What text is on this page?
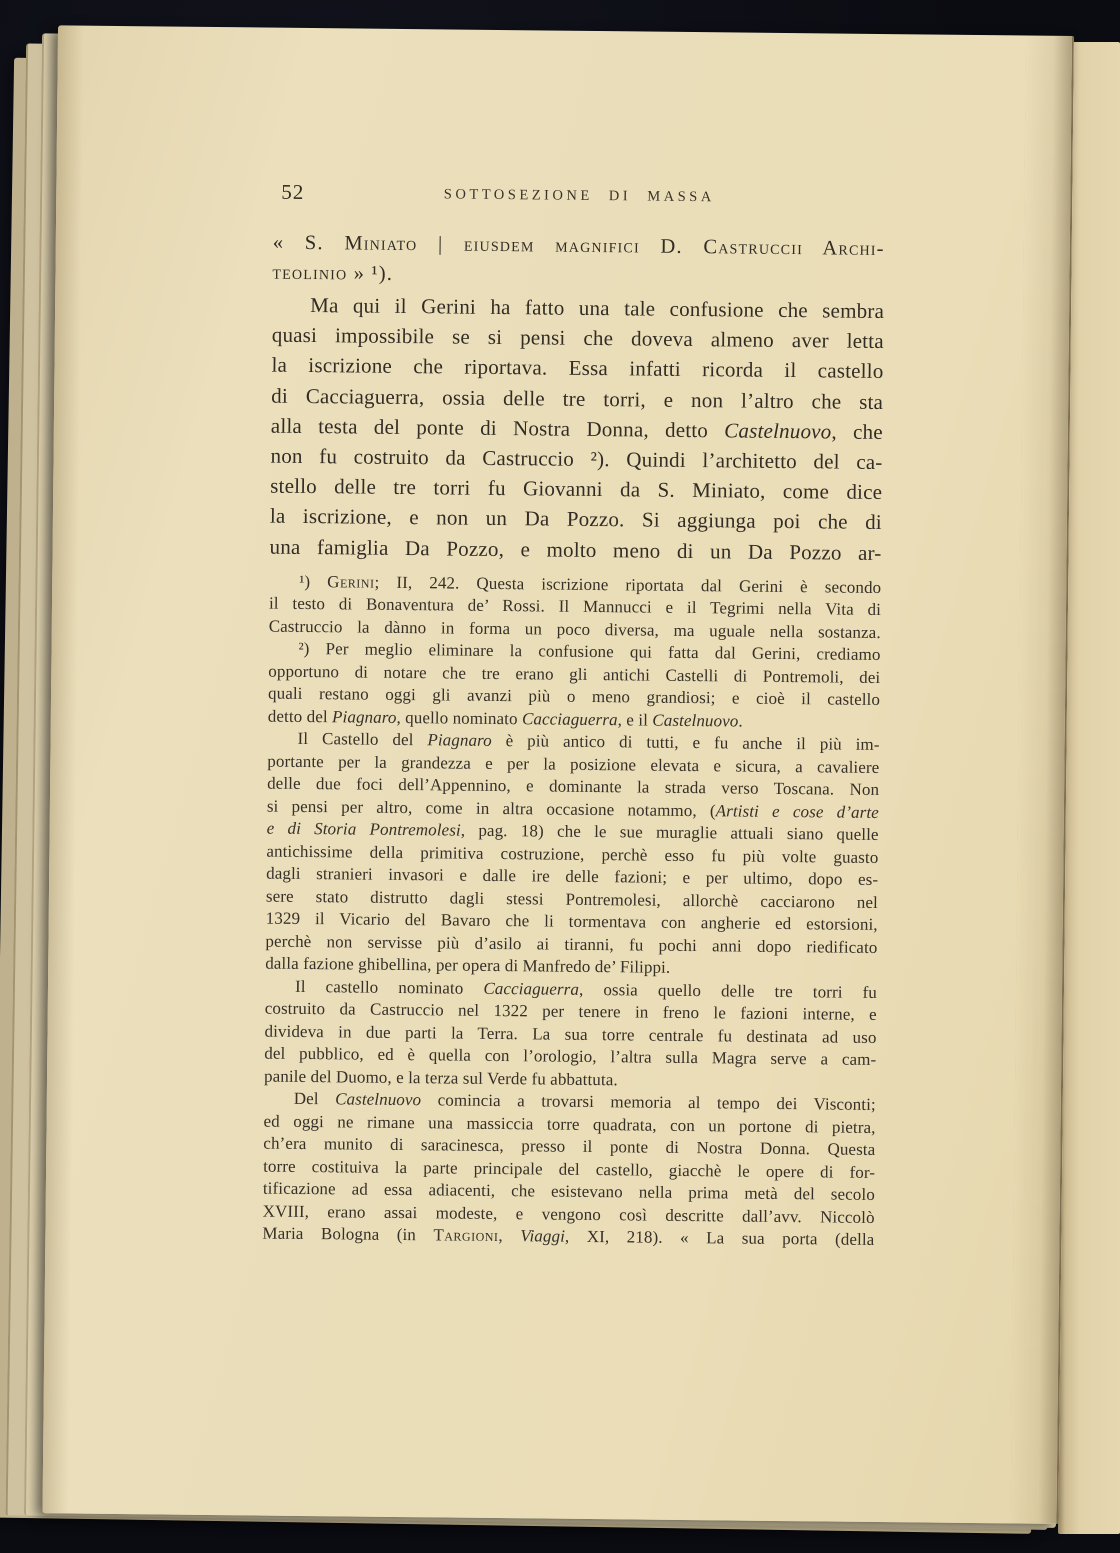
52	SOTTOSEZIONE DI MASSA
« S. Miniato | eiusdem magnifici D. Castruccii Archi-
teolinio » ¹).
Ma qui il Gerini ha fatto una tale confusione che sembra
quasi impossibile se si pensi che doveva almeno aver letta
la iscrizione che riportava. Essa infatti ricorda il castello
di Cacciaguerra, ossia delle tre torri, e non l’altro che sta
alla testa del ponte di Nostra Donna, detto Castelnuovo, che
non fu costruito da Castruccio ²). Quindi l’architetto del ca-
stello delle tre torri fu Giovanni da S. Miniato, come dice
la iscrizione, e non un Da Pozzo. Si aggiunga poi che di
una famiglia Da Pozzo, e molto meno di un Da Pozzo ar-
¹) Gerini; II, 242. Questa iscrizione riportata dal Gerini è secondo
il testo di Bonaventura de’ Rossi. Il Mannucci e il Tegrimi nella Vita di
Castruccio la dànno in forma un poco diversa, ma uguale nella sostanza.
²) Per meglio eliminare la confusione qui fatta dal Gerini, crediamo
opportuno di notare che tre erano gli antichi Castelli di Pontremoli, dei
quali restano oggi gli avanzi più o meno grandiosi; e cioè il castello
detto del Piagnaro, quello nominato Cacciaguerra, e il Castelnuovo.
Il Castello del Piagnaro è più antico di tutti, e fu anche il più im-
portante per la grandezza e per la posizione elevata e sicura, a cavaliere
delle due foci dell’Appennino, e dominante la strada verso Toscana. Non
si pensi per altro, come in altra occasione notammo, (Artisti e cose d’arte
e di Storia Pontremolesi, pag. 18) che le sue muraglie attuali siano quelle
antichissime della primitiva costruzione, perchè esso fu più volte guasto
dagli stranieri invasori e dalle ire delle fazioni; e per ultimo, dopo es-
sere stato distrutto dagli stessi Pontremolesi, allorchè cacciarono nel
1329 il Vicario del Bavaro che li tormentava con angherie ed estorsioni,
perchè non servisse più d’asilo ai tiranni, fu pochi anni dopo riedificato
dalla fazione ghibellina, per opera di Manfredo de’ Filippi.
Il castello nominato Cacciaguerra, ossia quello delle tre torri fu
costruito da Castruccio nel 1322 per tenere in freno le fazioni interne, e
divideva in due parti la Terra. La sua torre centrale fu destinata ad uso
del pubblico, ed è quella con l’orologio, l’altra sulla Magra serve a cam-
panile del Duomo, e la terza sul Verde fu abbattuta.
Del Castelnuovo comincia a trovarsi memoria al tempo dei Visconti;
ed oggi ne rimane una massiccia torre quadrata, con un portone di pietra,
ch’era munito di saracinesca, presso il ponte di Nostra Donna. Questa
torre costituiva la parte principale del castello, giacchè le opere di for-
tificazione ad essa adiacenti, che esistevano nella prima metà del secolo
XVIII, erano assai modeste, e vengono così descritte dall’avv. Niccolò
Maria Bologna (in Targioni, Viaggi, XI, 218). « La sua porta (della
